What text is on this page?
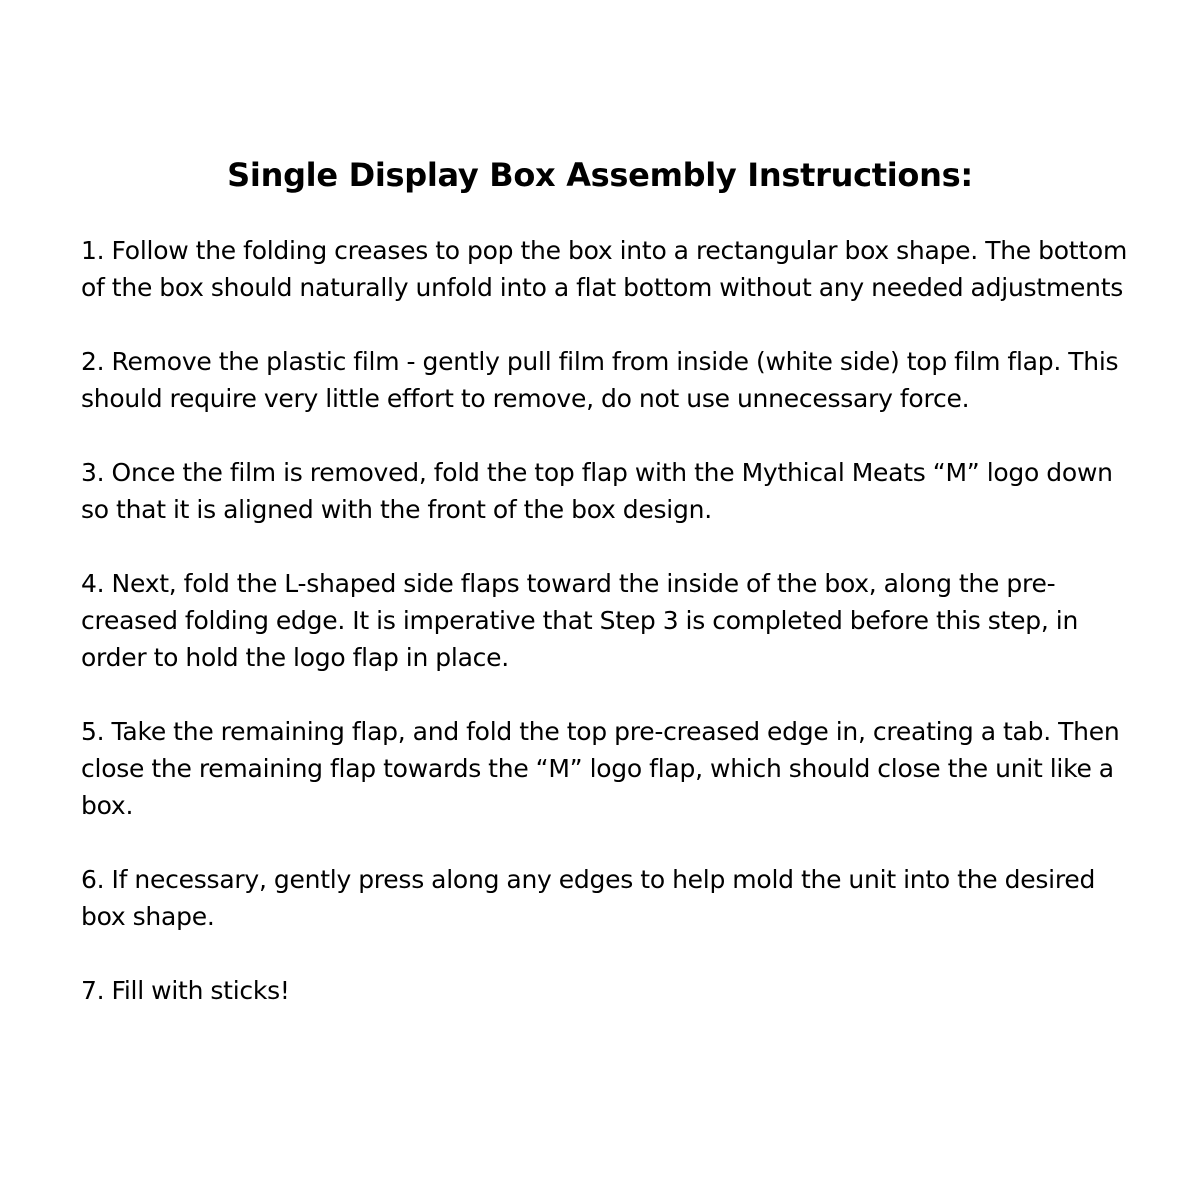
Single Display Box Assembly Instructions:
1. Follow the folding creases to pop the box into a rectangular box shape. The bottom of the box should naturally unfold into a flat bottom without any needed adjustments
2. Remove the plastic film - gently pull film from inside (white side) top film flap. This should require very little effort to remove, do not use unnecessary force.
3. Once the film is removed, fold the top flap with the Mythical Meats “M” logo down so that it is aligned with the front of the box design.
4. Next, fold the L-shaped side flaps toward the inside of the box, along the pre-creased folding edge. It is imperative that Step 3 is completed before this step, in order to hold the logo flap in place.
5. Take the remaining flap, and fold the top pre-creased edge in, creating a tab. Then close the remaining flap towards the “M” logo flap, which should close the unit like a box.
6. If necessary, gently press along any edges to help mold the unit into the desired box shape.
7. Fill with sticks!
